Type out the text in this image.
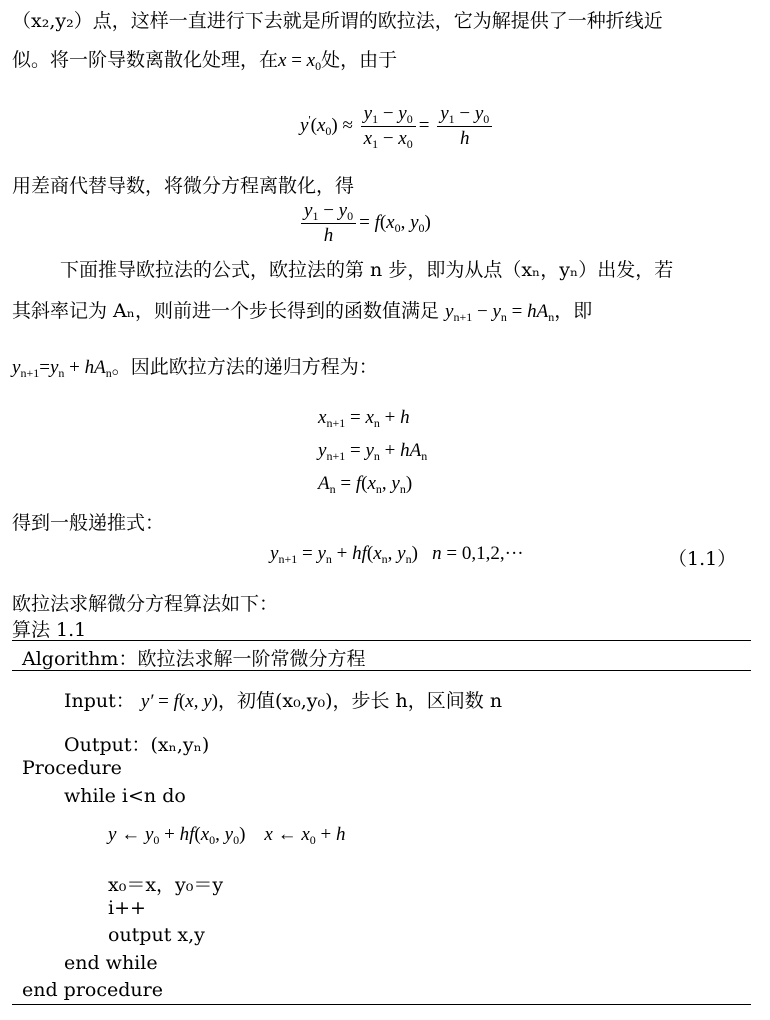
（x₂,y₂）点，这样一直进行下去就是所谓的欧拉法，它为解提供了一种折线近
似。将一阶导数离散化处理，在$x = x_0$处，由于
$y'(x_0) \approx \frac{y_1 - y_0}{x_1 - x_0} = \frac{y_1 - y_0}{h}$
用差商代替导数，将微分方程离散化，得
$\frac{y_1 - y_0}{h} = f(x_0$, $y_0$)
下面推导欧拉法的公式，欧拉法的第 n 步，即为从点（xₙ，yₙ）出发，若
其斜率记为 Aₙ，则前进一个步长得到的函数值满足 $y_{n+1} - y_n = hA_n$，即
$y_{n+1}=y_n + hA_n$。因此欧拉方法的递归方程为：
$x_{n+1} = x_n + h$
$y_{n+1} = y_n + hA_n$
$A_n = f(x_n$, $y_n$)
得到一般递推式：
$y_{n+1} = y_n + hf(x_n$, $y_n$)   n = 0,1,2,···	（1.1）
欧拉法求解微分方程算法如下：
算法 1.1
Algorithm：欧拉法求解一阶常微分方程
Input： y′ = f(x, y)，初值(x₀,y₀)，步长 h，区间数 n
Output：(xₙ,yₙ)
Procedure
while i<n do
y ← $y_0 + hf(x_0$, $y_0$)    x ← $x_0 + h$
x₀＝x，y₀＝y
i++
output x,y
end while
end procedure
